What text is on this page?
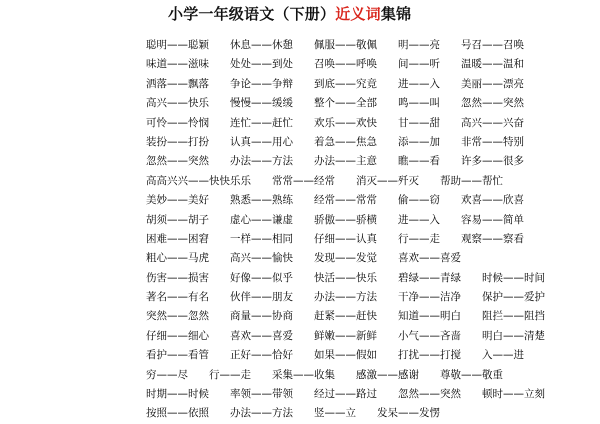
小学一年级语文（下册）近义词集锦
聪明——聪颖　　休息——休憩　　佩服——敬佩　　明——亮　　号召——召唤
味道——滋味　　处处——到处　　召唤——呼唤　　间——听　　温暖——温和
洒落——飘落　　争论——争辩　　到底——究竟　　进——入　　美丽——漂亮
高兴——快乐　　慢慢——缓缓　　整个——全部　　鸣——叫　　忽然——突然
可怜——怜悯　　连忙——赶忙　　欢乐——欢快　　甘——甜　　高兴——兴奋
装扮——打扮　　认真——用心　　着急——焦急　　添——加　　非常——特别
忽然——突然　　办法——方法　　办法——主意　　瞧——看　　许多——很多
高高兴兴——快快乐乐　　常常——经常　　消灭——歼灭　　帮助——帮忙
美妙——美好　　熟悉——熟练　　经常——常常　　偷——窃　　欢喜——欣喜
胡须——胡子　　虚心——谦虚　　骄傲——骄横　　进——入　　容易——简单
困难——困窘　　一样——相同　　仔细——认真　　行——走　　观察——察看
粗心——马虎　　高兴——愉快　　发现——发觉　　喜欢——喜爱
伤害——损害　　好像——似乎　　快活——快乐　　碧绿——青绿　　时候——时间
著名——有名　　伙伴——朋友　　办法——方法　　干净——洁净　　保护——爱护
突然——忽然　　商量——协商　　赶紧——赶快　　知道——明白　　阻拦——阻挡
仔细——细心　　喜欢——喜爱　　鲜嫩——新鲜　　小气——吝啬　　明白——清楚
看护——看管　　正好——恰好　　如果——假如　　打扰——打搅　　入——进
穷——尽　　行——走　　采集——收集　　感激——感谢　　尊敬——敬重
时期——时候　　率领——带领　　经过——路过　　忽然——突然　　顿时——立刻
按照——依照　　办法——方法　　竖——立　　发呆——发愣
